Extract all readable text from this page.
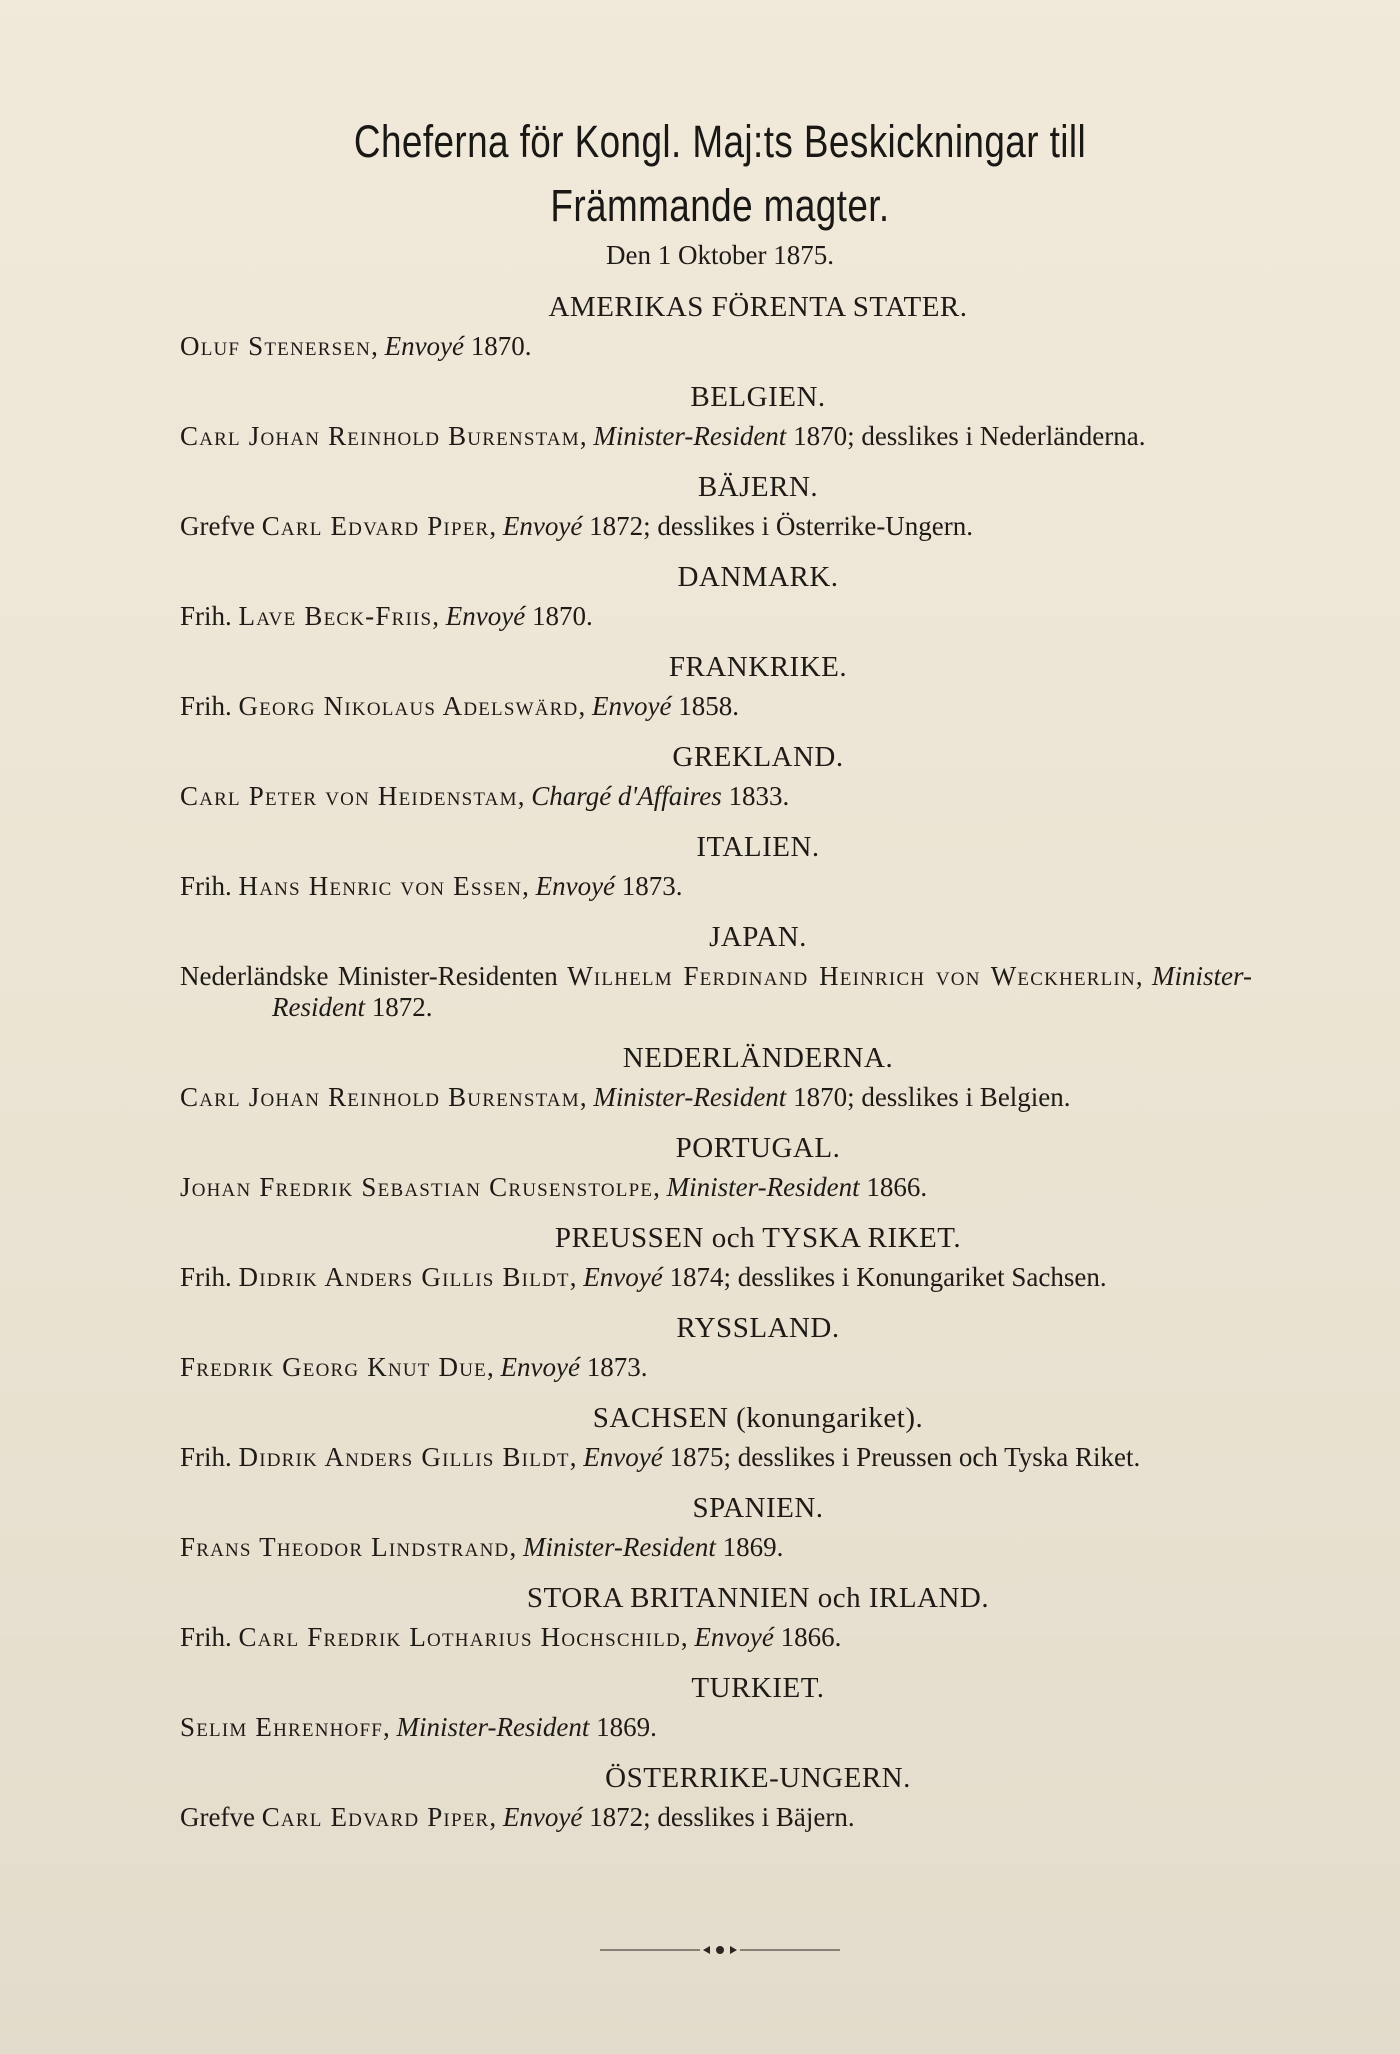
Cheferna för Kongl. Maj:ts Beskickningar till
Främmande magter.

Den 1 Oktober 1875.

AMERIKAS FÖRENTA STATER.

Oluf Stenersen, Envoyé 1870.

BELGIEN.

Carl Johan Reinhold Burenstam, Minister-Resident 1870; desslikes i Nederländerna.

BÄJERN.

Grefve Carl Edvard Piper, Envoyé 1872; desslikes i Österrike-Ungern.

DANMARK.

Frih. Lave Beck-Friis, Envoyé 1870.

FRANKRIKE.

Frih. Georg Nikolaus Adelswärd, Envoyé 1858.

GREKLAND.

Carl Peter von Heidenstam, Chargé d'Affaires 1833.

ITALIEN.

Frih. Hans Henric von Essen, Envoyé 1873.

JAPAN.

Nederländske Minister-Residenten Wilhelm Ferdinand Heinrich von Weckherlin, Minister-Resident 1872.

NEDERLÄNDERNA.

Carl Johan Reinhold Burenstam, Minister-Resident 1870; desslikes i Belgien.

PORTUGAL.

Johan Fredrik Sebastian Crusenstolpe, Minister-Resident 1866.

PREUSSEN och TYSKA RIKET.

Frih. Didrik Anders Gillis Bildt, Envoyé 1874; desslikes i Konungariket Sachsen.

RYSSLAND.

Fredrik Georg Knut Due, Envoyé 1873.

SACHSEN (konungariket).

Frih. Didrik Anders Gillis Bildt, Envoyé 1875; desslikes i Preussen och Tyska Riket.

SPANIEN.

Frans Theodor Lindstrand, Minister-Resident 1869.

STORA BRITANNIEN och IRLAND.

Frih. Carl Fredrik Lotharius Hochschild, Envoyé 1866.

TURKIET.

Selim Ehrenhoff, Minister-Resident 1869.

ÖSTERRIKE-UNGERN.

Grefve Carl Edvard Piper, Envoyé 1872; desslikes i Bäjern.
